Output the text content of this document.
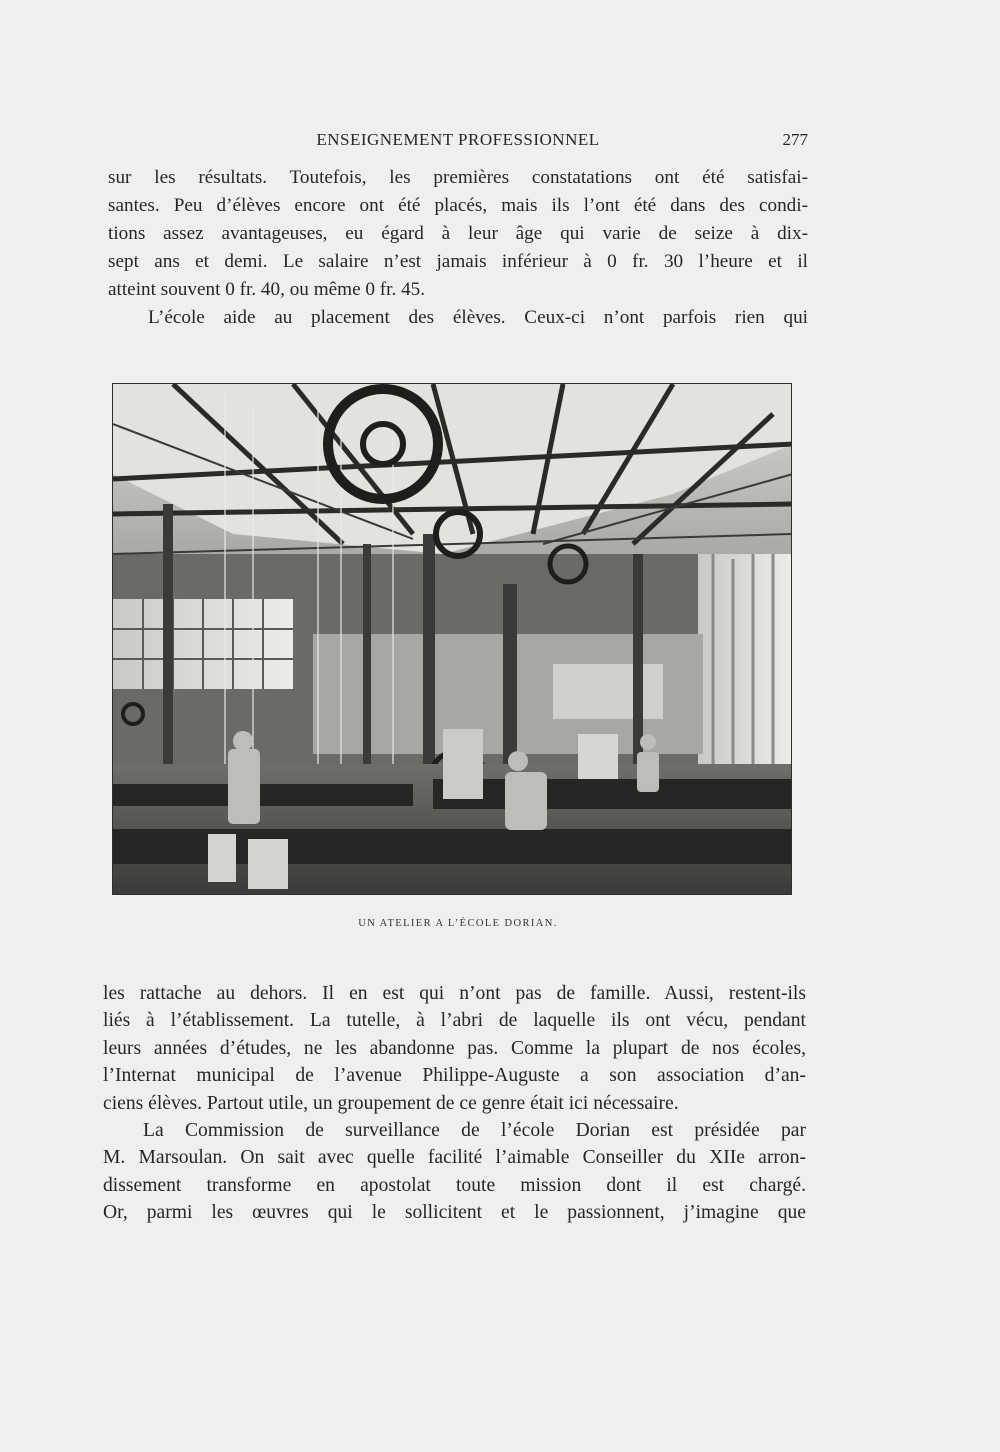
ENSEIGNEMENT PROFESSIONNEL	277
sur les résultats. Toutefois, les premières constatations ont été satisfai-
santes. Peu d’élèves encore ont été placés, mais ils l’ont été dans des condi-
tions assez avantageuses, eu égard à leur âge qui varie de seize à dix-
sept ans et demi. Le salaire n’est jamais inférieur à 0 fr. 30 l’heure et il
atteint souvent 0 fr. 40, ou même 0 fr. 45.
L’école aide au placement des élèves. Ceux-ci n’ont parfois rien qui
UN ATELIER A L’ÉCOLE DORIAN.
les rattache au dehors. Il en est qui n’ont pas de famille. Aussi, restent-ils
liés à l’établissement. La tutelle, à l’abri de laquelle ils ont vécu, pendant
leurs années d’études, ne les abandonne pas. Comme la plupart de nos écoles,
l’Internat municipal de l’avenue Philippe-Auguste a son association d’an-
ciens élèves. Partout utile, un groupement de ce genre était ici nécessaire.
La Commission de surveillance de l’école Dorian est présidée par
M. Marsoulan. On sait avec quelle facilité l’aimable Conseiller du XIIe arron-
dissement transforme en apostolat toute mission dont il est chargé.
Or, parmi les œuvres qui le sollicitent et le passionnent, j’imagine que
